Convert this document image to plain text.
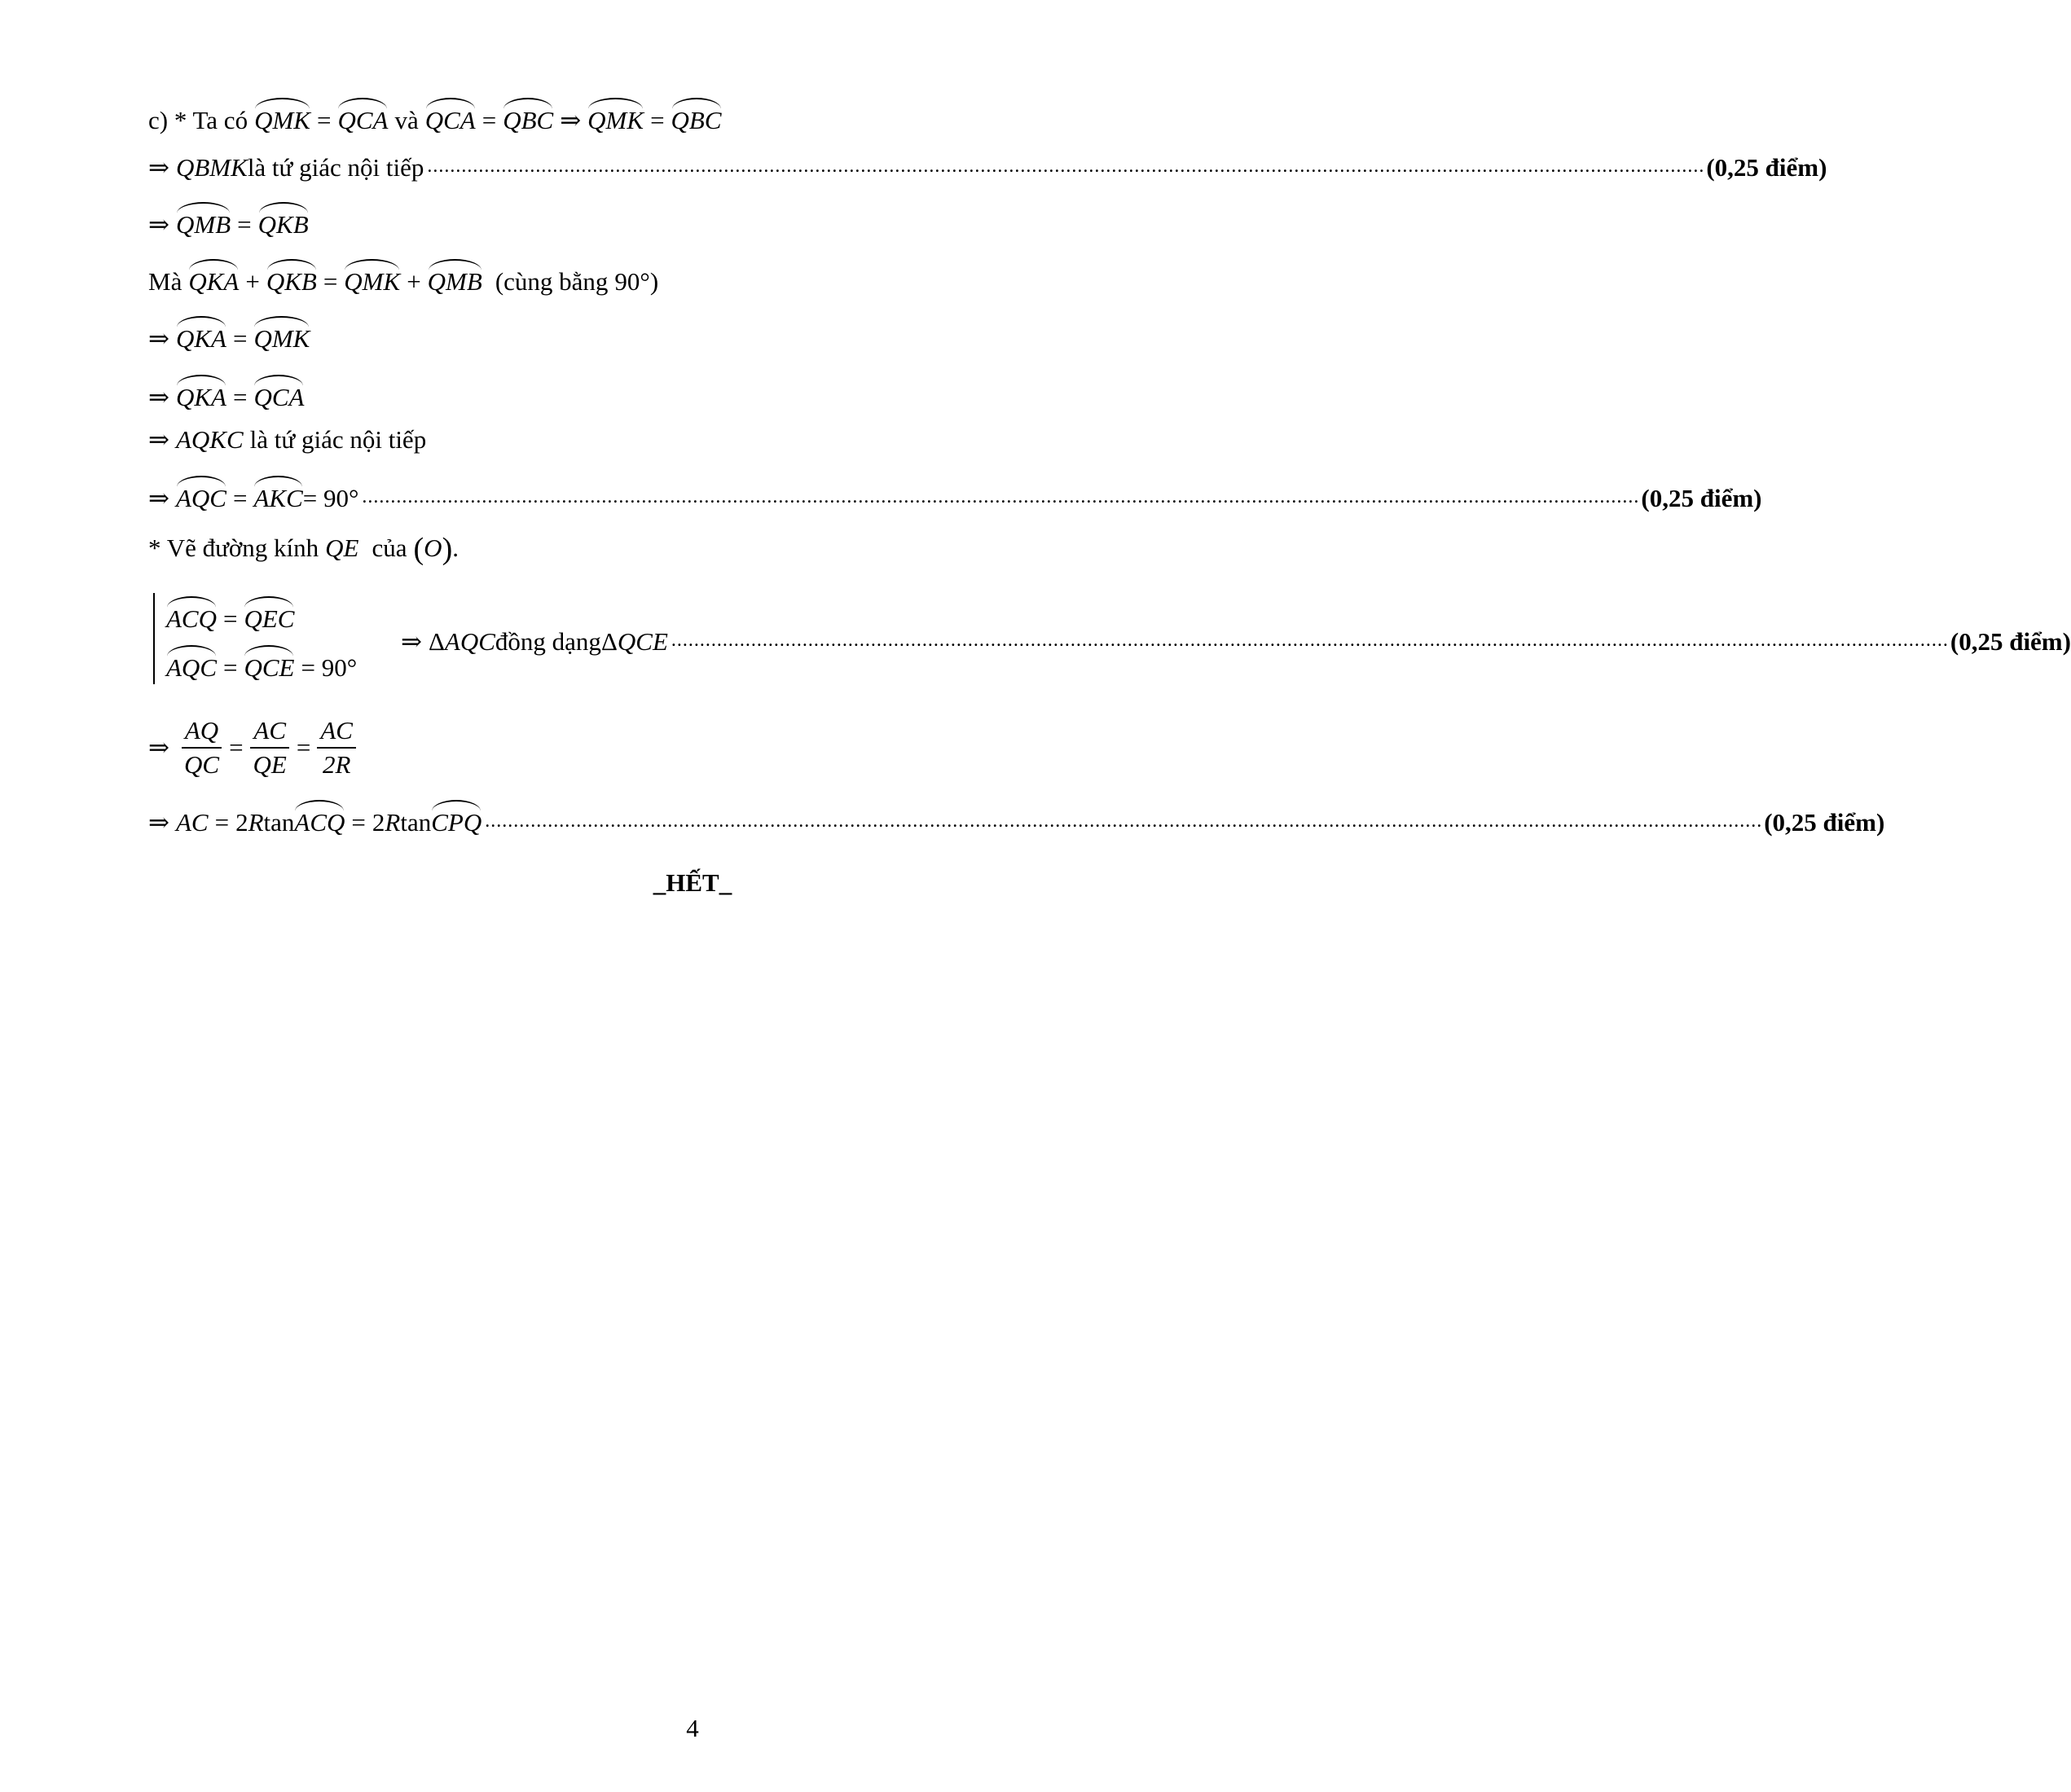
c) * Ta có QMK = QCA và QCA = QBC ⇒ QMK = QBC
⇒ QBMK là tứ giác nội tiếp ................................................................................................................................................................................................................................ (0,25 điểm)
⇒ QMB = QKB
Mà QKA + QKB = QMK + QMB (cùng bằng 90°)
⇒ QKA = QMK
⇒ QKA = QCA
⇒ AQKC là tứ giác nội tiếp
⇒ AQC = AKC = 90° ................................................................................................................................................................................................................................ (0,25 điểm)
* Vẽ đường kính QE của ( O ) .
ACQ = QEC
AQC = QCE = 90°
⇒ Δ AQC đồng dạng Δ QCE ................................................................................................................................................................................................................................ (0,25 điểm)
⇒ $\frac{AQ}{QC} = \frac{AC}{QE} = \frac{AC}{2R}$
⇒ AC = 2 R tan ACQ = 2 R tan CPQ ................................................................................................................................................................................................................................ (0,25 điểm)
_HẾT_
4
